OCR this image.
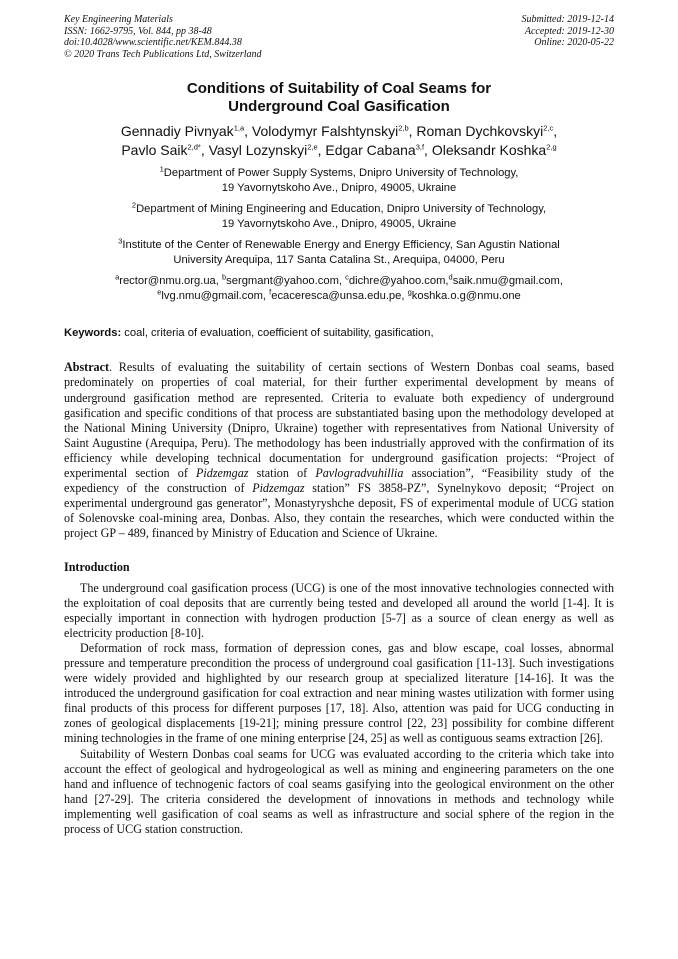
Key Engineering Materials
ISSN: 1662-9795, Vol. 844, pp 38-48
doi:10.4028/www.scientific.net/KEM.844.38
© 2020 Trans Tech Publications Ltd, Switzerland
Submitted: 2019-12-14
Accepted: 2019-12-30
Online: 2020-05-22
Conditions of Suitability of Coal Seams for
Underground Coal Gasification
Gennadiy Pivnyak$^{1,a}$, Volodymyr Falshtynskyi$^{2,b}$, Roman Dychkovskyi$^{2,c}$,
Pavlo Saik$^{2,d*}$, Vasyl Lozynskyi$^{2,e}$, Edgar Cabana$^{3,f}$, Oleksandr Koshka$^{2,g}$
$^1$Department of Power Supply Systems, Dnipro University of Technology,
19 Yavornytskoho Ave., Dnipro, 49005, Ukraine
$^2$Department of Mining Engineering and Education, Dnipro University of Technology,
19 Yavornytskoho Ave., Dnipro, 49005, Ukraine
$^3$Institute of the Center of Renewable Energy and Energy Efficiency, San Agustin National
University Arequipa, 117 Santa Catalina St., Arequipa, 04000, Peru
$^a$rector@nmu.org.ua, $^b$sergmant@yahoo.com, $^c$dichre@yahoo.com,$^d$saik.nmu@gmail.com,
$^e$lvg.nmu@gmail.com, $^f$ecaceresca@unsa.edu.pe, $^g$koshka.o.g@nmu.one
Keywords: coal, criteria of evaluation, coefficient of suitability, gasification,
Abstract. Results of evaluating the suitability of certain sections of Western Donbas coal seams, based predominately on properties of coal material, for their further experimental development by means of underground gasification method are represented. Criteria to evaluate both expediency of underground gasification and specific conditions of that process are substantiated basing upon the methodology developed at the National Mining University (Dnipro, Ukraine) together with representatives from National University of Saint Augustine (Arequipa, Peru). The methodology has been industrially approved with the confirmation of its efficiency while developing technical documentation for underground gasification projects: “Project of experimental section of Pidzemgaz station of Pavlogradvuhillia association”, “Feasibility study of the expediency of the construction of Pidzemgaz station” FS 3858-PZ”, Synelnykovo deposit; “Project on experimental underground gas generator”, Monastyryshche deposit, FS of experimental module of UCG station of Solenovske coal-mining area, Donbas. Also, they contain the researches, which were conducted within the project GP – 489, financed by Ministry of Education and Science of Ukraine.
Introduction

The underground coal gasification process (UCG) is one of the most innovative technologies connected with the exploitation of coal deposits that are currently being tested and developed all around the world [1-4]. It is especially important in connection with hydrogen production [5-7] as a source of clean energy as well as electricity production [8-10].

Deformation of rock mass, formation of depression cones, gas and blow escape, coal losses, abnormal pressure and temperature precondition the process of underground coal gasification [11-13]. Such investigations were widely provided and highlighted by our research group at specialized literature [14-16]. It was the introduced the underground gasification for coal extraction and near mining wastes utilization with former using final products of this process for different purposes [17, 18]. Also, attention was paid for UCG conducting in zones of geological displacements [19-21]; mining pressure control [22, 23] possibility for combine different mining technologies in the frame of one mining enterprise [24, 25] as well as contiguous seams extraction [26].

Suitability of Western Donbas coal seams for UCG was evaluated according to the criteria which take into account the effect of geological and hydrogeological as well as mining and engineering parameters on the one hand and influence of technogenic factors of coal seams gasifying into the geological environment on the other hand [27-29]. The criteria considered the development of innovations in methods and technology while implementing well gasification of coal seams as well as infrastructure and social sphere of the region in the process of UCG station construction.
